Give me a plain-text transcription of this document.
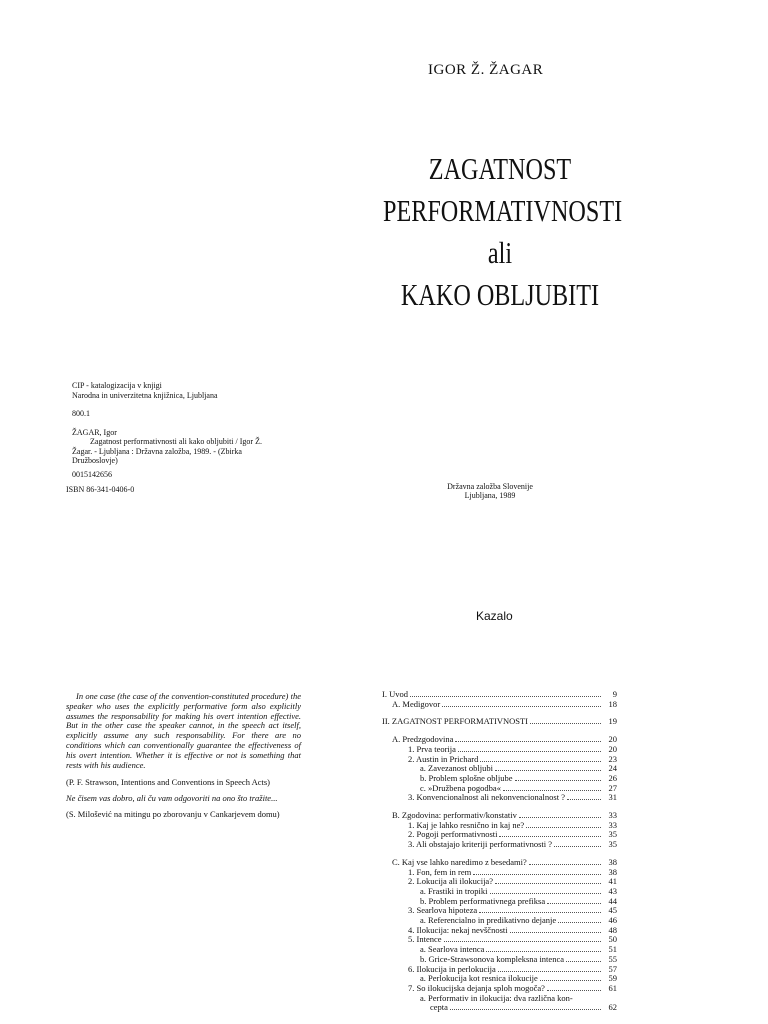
IGOR Ž. ŽAGAR
ZAGATNOST
PERFORMATIVNOSTI
ali
KAKO OBLJUBITI
CIP - katalogizacija v knjigi
Narodna in univerzitetna knjižnica, Ljubljana
800.1
ŽAGAR, Igor
Zagatnost performativnosti ali kako obljubiti / Igor Ž.
Žagar. - Ljubljana : Državna založba, 1989. - (Zbirka
Družboslovje)
0015142656
ISBN 86-341-0406-0	Državna založba Slovenije
Ljubljana, 1989
Kazalo

In one case (the case of the convention-constituted procedure) the speaker who uses the explicitly performative form also explicitly assumes the responsability for making his overt intention effective. But in the other case the speaker cannot, in the speech act itself, explicitly assume any such responsability. For there are no conditions which can conventionally guarantee the effectiveness of his overt intention. Whether it is effective or not is something that rests with his audience.

(P. F. Strawson, Intentions and Conventions in Speech Acts)

Ne čisem vas dobro, ali ču vam odgovoriti na ono što tražite...

(S. Milošević na mitingu po zborovanju v Cankarjevem domu)

I. Uvod	9
A. Medigovor	18
II. ZAGATNOST PERFORMATIVNOSTI	19
A. Predzgodovina	20
1. Prva teorija	20
2. Austin in Prichard	23
a. Zavezanost obljubi	24
b. Problem splošne obljube	26
c. »Družbena pogodba«	27
3. Konvencionalnost ali nekonvencionalnost ?	31
B. Zgodovina: performativ/konstativ	33
1. Kaj je lahko resnično in kaj ne?	33
2. Pogoji performativnosti	35
3. Ali obstajajo kriteriji performativnosti ?	35
C. Kaj vse lahko naredimo z besedami?	38
1. Fon, fem in rem	38
2. Lokucija ali ilokucija?	41
a. Frastiki in tropiki	43
b. Problem performativnega prefiksa	44
3. Searlova hipoteza	45
a. Referencialno in predikativno dejanje	46
4. Ilokucija: nekaj nevščnosti	48
5. Intence	50
a. Searlova intenca	51
b. Grice-Strawsonova kompleksna intenca	55
6. Ilokucija in perlokucija	57
a. Perlokucija kot resnica ilokucije	59
7. So ilokucijska dejanja sploh mogoča?	61
a. Performativ in ilokucija: dva različna kon-
cepta	62
